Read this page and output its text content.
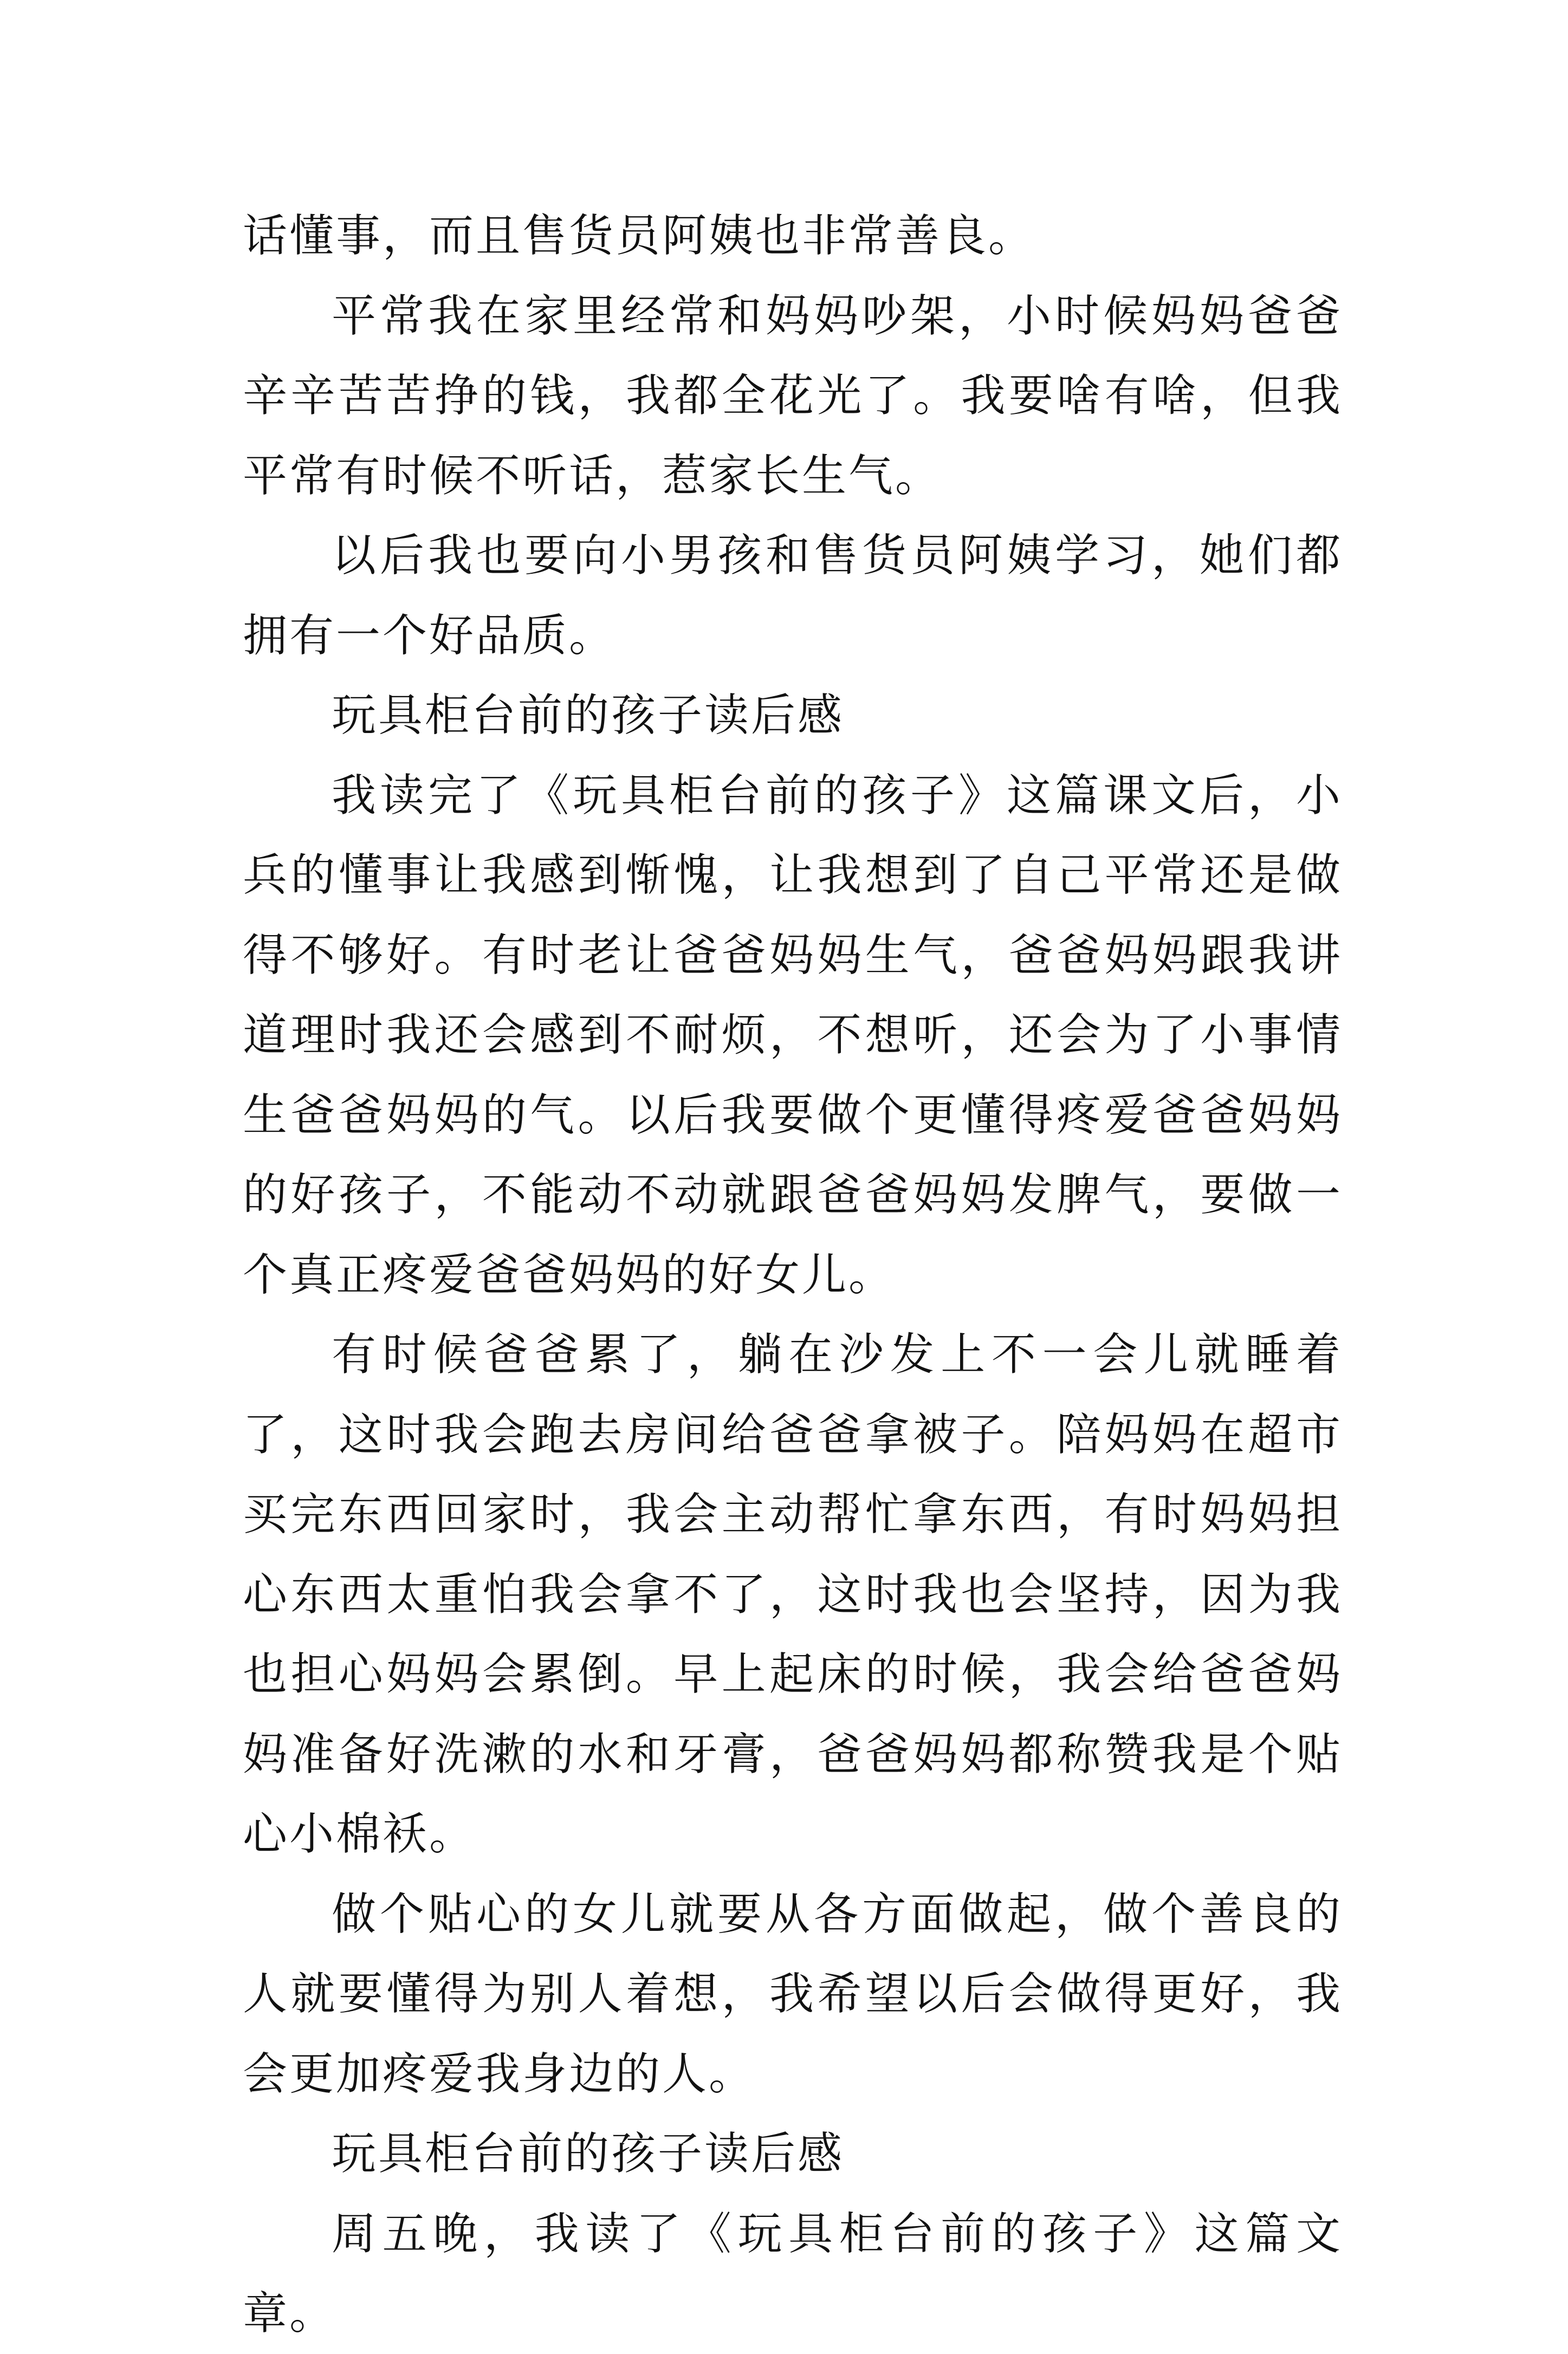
话懂事，而且售货员阿姨也非常善良。

平常我在家里经常和妈妈吵架，小时候妈妈爸爸辛辛苦苦挣的钱，我都全花光了。我要啥有啥，但我平常有时候不听话，惹家长生气。

以后我也要向小男孩和售货员阿姨学习，她们都拥有一个好品质。

玩具柜台前的孩子读后感

我读完了《玩具柜台前的孩子》这篇课文后，小兵的懂事让我感到惭愧，让我想到了自己平常还是做得不够好。有时老让爸爸妈妈生气，爸爸妈妈跟我讲道理时我还会感到不耐烦，不想听，还会为了小事情生爸爸妈妈的气。以后我要做个更懂得疼爱爸爸妈妈的好孩子，不能动不动就跟爸爸妈妈发脾气，要做一个真正疼爱爸爸妈妈的好女儿。

有时候爸爸累了，躺在沙发上不一会儿就睡着了，这时我会跑去房间给爸爸拿被子。陪妈妈在超市买完东西回家时，我会主动帮忙拿东西，有时妈妈担心东西太重怕我会拿不了，这时我也会坚持，因为我也担心妈妈会累倒。早上起床的时候，我会给爸爸妈妈准备好洗漱的水和牙膏，爸爸妈妈都称赞我是个贴心小棉袄。

做个贴心的女儿就要从各方面做起，做个善良的人就要懂得为别人着想，我希望以后会做得更好，我会更加疼爱我身边的人。

玩具柜台前的孩子读后感

周五晚，我读了《玩具柜台前的孩子》这篇文章。
